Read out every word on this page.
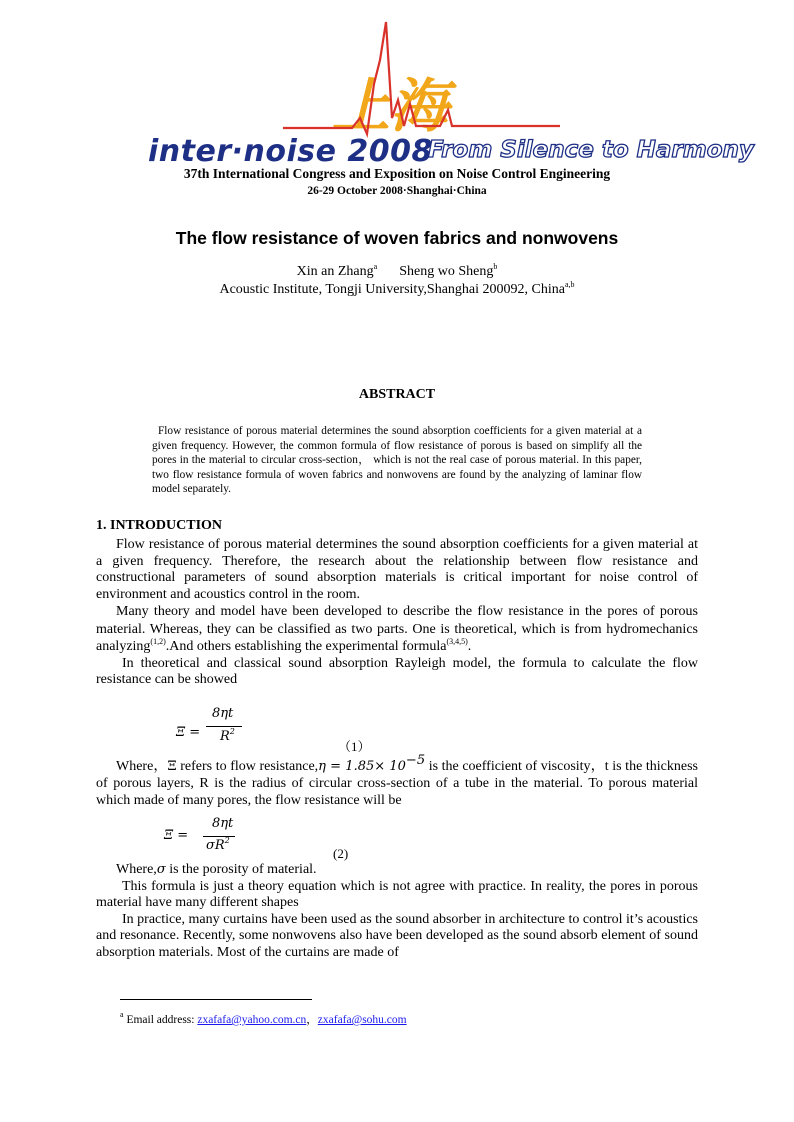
上海
inter·noise 2008
From Silence to Harmony
37th International Congress and Exposition on Noise Control Engineering
26-29 October 2008·Shanghai·China
The flow resistance of woven fabrics and nonwovens
Xin an Zhang$^a$ Sheng wo Sheng$^b$
Acoustic Institute, Tongji University,Shanghai 200092, China$^{a,b}$
ABSTRACT

Flow resistance of porous material determines the sound absorption coefficients for a given material at a given frequency. However, the common formula of flow resistance of porous is based on simplify all the pores in the material to circular cross-section， which is not the real case of porous material. In this paper, two flow resistance formula of woven fabrics and nonwovens are found by the analyzing of laminar flow model separately.

1. INTRODUCTION

Flow resistance of porous material determines the sound absorption coefficients for a given material at a given frequency. Therefore, the research about the relationship between flow resistance and constructional parameters of sound absorption materials is critical important for noise control of environment and acoustics control in the room.

Many theory and model have been developed to describe the flow resistance in the pores of porous material. Whereas, they can be classified as two parts. One is theoretical, which is from hydromechanics analyzing$^{(1,2)}$.And others establishing the experimental formula$^{(3,4,5)}$.

In theoretical and classical sound absorption Rayleigh model, the formula to calculate the flow resistance can be showed

Ξ =
8ηt
$R^2$
（1）

Where，Ξ refers to flow resistance,η = $1.85\times 10^{-5}$ is the coefficient of viscosity，t is the thickness of porous layers, R is the radius of circular cross-section of a tube in the material. To porous material which made of many pores, the flow resistance will be

Ξ =
8ηt
$\sigma R^2$
(2)

Where,σ is the porosity of material.

This formula is just a theory equation which is not agree with practice. In reality, the pores in porous material have many different shapes

In practice, many curtains have been used as the sound absorber in architecture to control it’s acoustics and resonance. Recently, some nonwovens also have been developed as the sound absorb element of sound absorption materials. Most of the curtains are made of

$^a$ Email address: zxafafa@yahoo.com.cn，zxafafa@sohu.com
